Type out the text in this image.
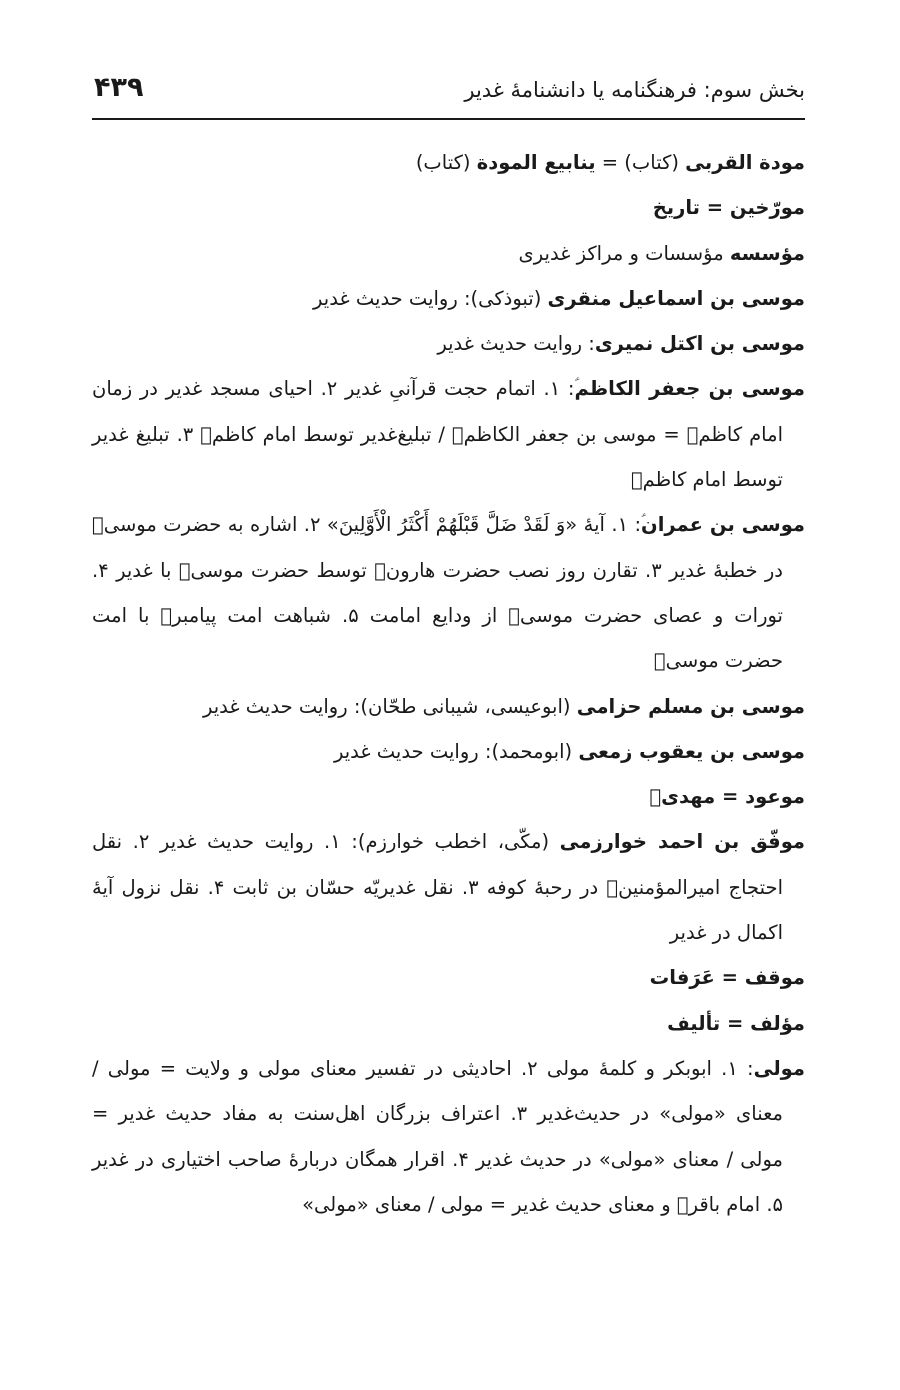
۴۳۹	بخش سوم: فرهنگنامه یا دانشنامهٔ غدیر

مودة القربی (کتاب) = ینابیع المودة (کتاب)

مورّخین = تاریخ

مؤسسه مؤسسات و مراکز غدیری

موسی بن اسماعیل منقری (تبوذکی): روایت حدیث غدیر

موسی بن اکتل نمیری: روایت حدیث غدیر

موسی بن جعفر الکاظمؑ: ۱. اتمام حجت قرآنیِ غدیر ۲. احیای مسجد غدیر در زمان امام کاظمؑ = موسی بن جعفر الکاظمؑ / تبلیغ‌غدیر توسط امام کاظمؑ ۳. تبلیغ غدیر توسط امام کاظمؑ

موسی بن عمرانؑ: ۱. آیهٔ «وَ لَقَدْ ضَلَّ قَبْلَهُمْ أَكْثَرُ الْأَوَّلِينَ» ۲. اشاره به حضرت موسیؑ در خطبهٔ غدیر ۳. تقارن روز نصب حضرت هارونؑ توسط حضرت موسیؑ با غدیر ۴. تورات و عصای حضرت موسیؑ از ودایع امامت ۵. شباهت امت پیامبرﷺ با امت حضرت موسیؑ

موسی بن مسلم حزامی (ابوعیسی، شیبانی طحّان): روایت حدیث غدیر

موسی بن یعقوب زمعی (ابومحمد): روایت حدیث غدیر

موعود = مهدیؑ

موفّق بن احمد خوارزمی (مکّی، اخطب خوارزم): ۱. روایت حدیث غدیر ۲. نقل احتجاج امیرالمؤمنینؑ در رحبهٔ کوفه ۳. نقل غدیریّه حسّان بن ثابت ۴. نقل نزول آیهٔ اکمال در غدیر

موقف = عَرَفات

مؤلف = تألیف

مولی: ۱. ابوبکر و کلمهٔ مولی ۲. احادیثی در تفسیر معنای مولی و ولایت = مولی / معنای «مولی» در حدیث‌غدیر ۳. اعتراف بزرگان اهل‌سنت به مفاد حدیث غدیر = مولی / معنای «مولی» در حدیث غدیر ۴. اقرار همگان دربارهٔ صاحب اختیاری در غدیر ۵. امام باقرؑ و معنای حدیث غدیر = مولی / معنای «مولی»
